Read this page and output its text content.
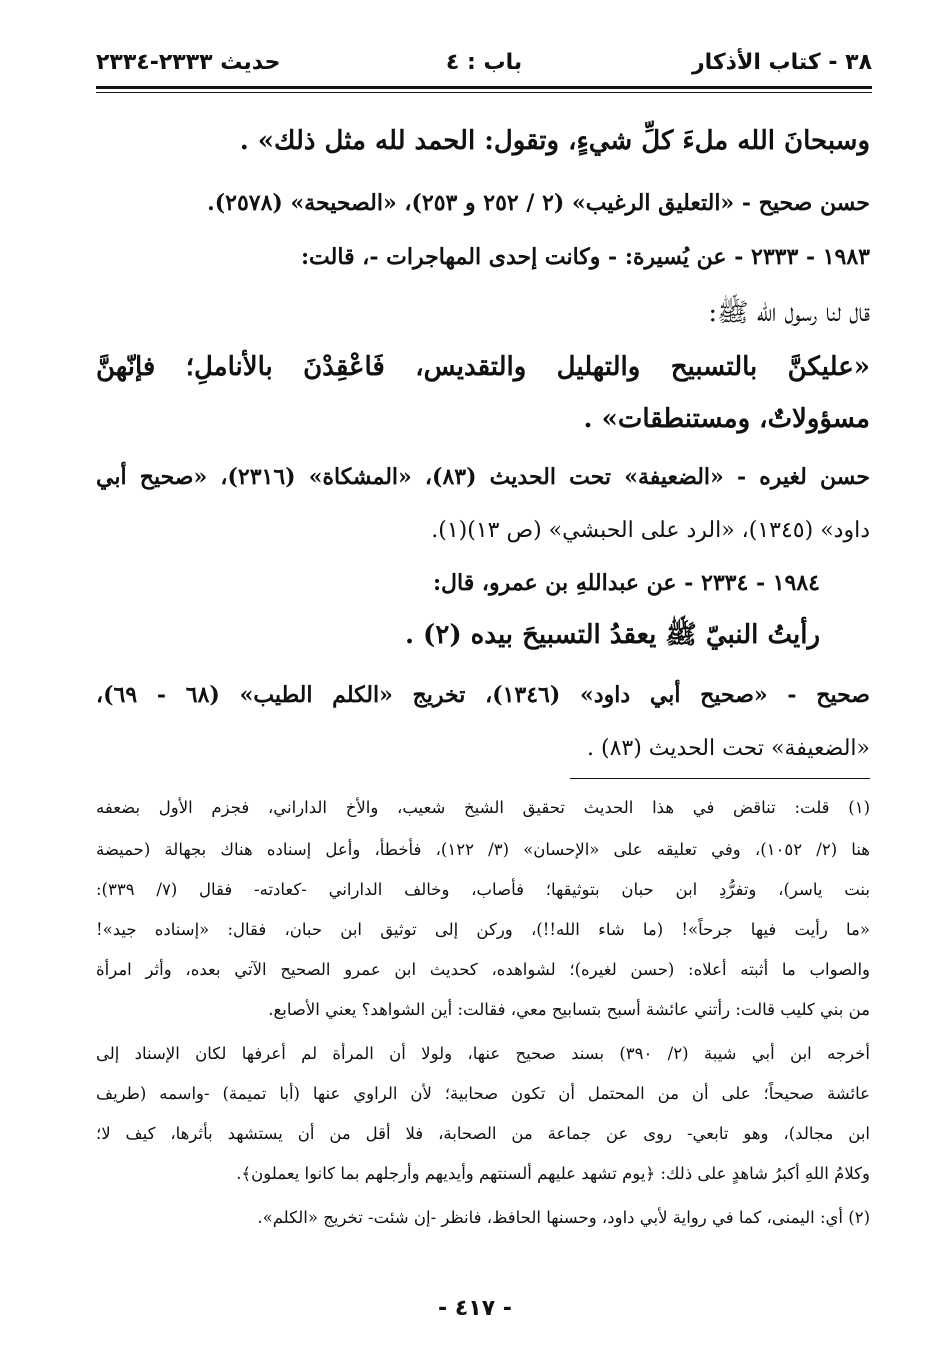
٣٨ - كتاب الأذكار
باب : ٤
حديث ٢٣٣٣-٢٣٣٤
وسبحانَ الله ملءَ كلِّ شيءٍ، وتقول: الحمد لله مثل ذلك» .
حسن صحيح - «التعليق الرغيب» (٢ / ٢٥٢ و ٢٥٣)، «الصحيحة» (٢٥٧٨).
١٩٨٣ - ٢٣٣٣ - عن يُسيرة: - وكانت إحدى المهاجرات -، قالت:
قال لنا رسول الله ﷺ:
«عليكنَّ بالتسبيح والتهليل والتقديس، فَاعْقِدْنَ بالأناملِ؛ فإنّهنَّ
مسؤولاتٌ، ومستنطقات» .
حسن لغيره - «الضعيفة» تحت الحديث (٨٣)، «المشكاة» (٢٣١٦)، «صحيح أبي
داود» (١٣٤٥)، «الرد على الحبشي» (ص ١٣)(١).
١٩٨٤ - ٢٣٣٤ - عن عبداللهِ بن عمرو، قال:
رأيتُ النبيّ ﷺ يعقدُ التسبيحَ بيده (٢) .
صحيح - «صحيح أبي داود» (١٣٤٦)، تخريج «الكلم الطيب» (٦٨ - ٦٩)،
«الضعيفة» تحت الحديث (٨٣) .
(١) قلت: تناقض في هذا الحديث تحقيق الشيخ شعيب، والأخ الداراني، فجزم الأول بضعفه
هنا (٢/ ١٠٥٢)، وفي تعليقه على «الإحسان» (٣/ ١٢٢)، فأخطأ، وأعل إسناده هناك بجهالة (حميضة
بنت ياسر)، وتفرُّدِ ابن حبان بتوثيقها؛ فأصاب، وخالف الداراني -كعادته- فقال (٧/ ٣٣٩):
«ما رأيت فيها جرحاً»! (ما شاء الله!!)، وركن إلى توثيق ابن حبان، فقال: «إسناده جيد»!
والصواب ما أثبته أعلاه: (حسن لغيره)؛ لشواهده، كحديث ابن عمرو الصحيح الآتي بعده، وأثر امرأة
من بني كليب قالت: رأتني عائشة أسبح بتسابيح معي، فقالت: أين الشواهد؟ يعني الأصابع.
أخرجه ابن أبي شيبة (٢/ ٣٩٠) بسند صحيح عنها، ولولا أن المرأة لم أعرفها لكان الإسناد إلى
عائشة صحيحاً؛ على أن من المحتمل أن تكون صحابية؛ لأن الراوي عنها (أبا تميمة) -واسمه (طريف
ابن مجالد)، وهو تابعي- روى عن جماعة من الصحابة، فلا أقل من أن يستشهد بأثرها، كيف لا؛
وكلامُ اللهِ أكبرُ شاهدٍ على ذلك: ﴿يوم تشهد عليهم ألسنتهم وأيديهم وأرجلهم بما كانوا يعملون﴾.
(٢) أي: اليمنى، كما في رواية لأبي داود، وحسنها الحافظ، فانظر -إن شئت- تخريج «الكلم».
- ٤١٧ -
